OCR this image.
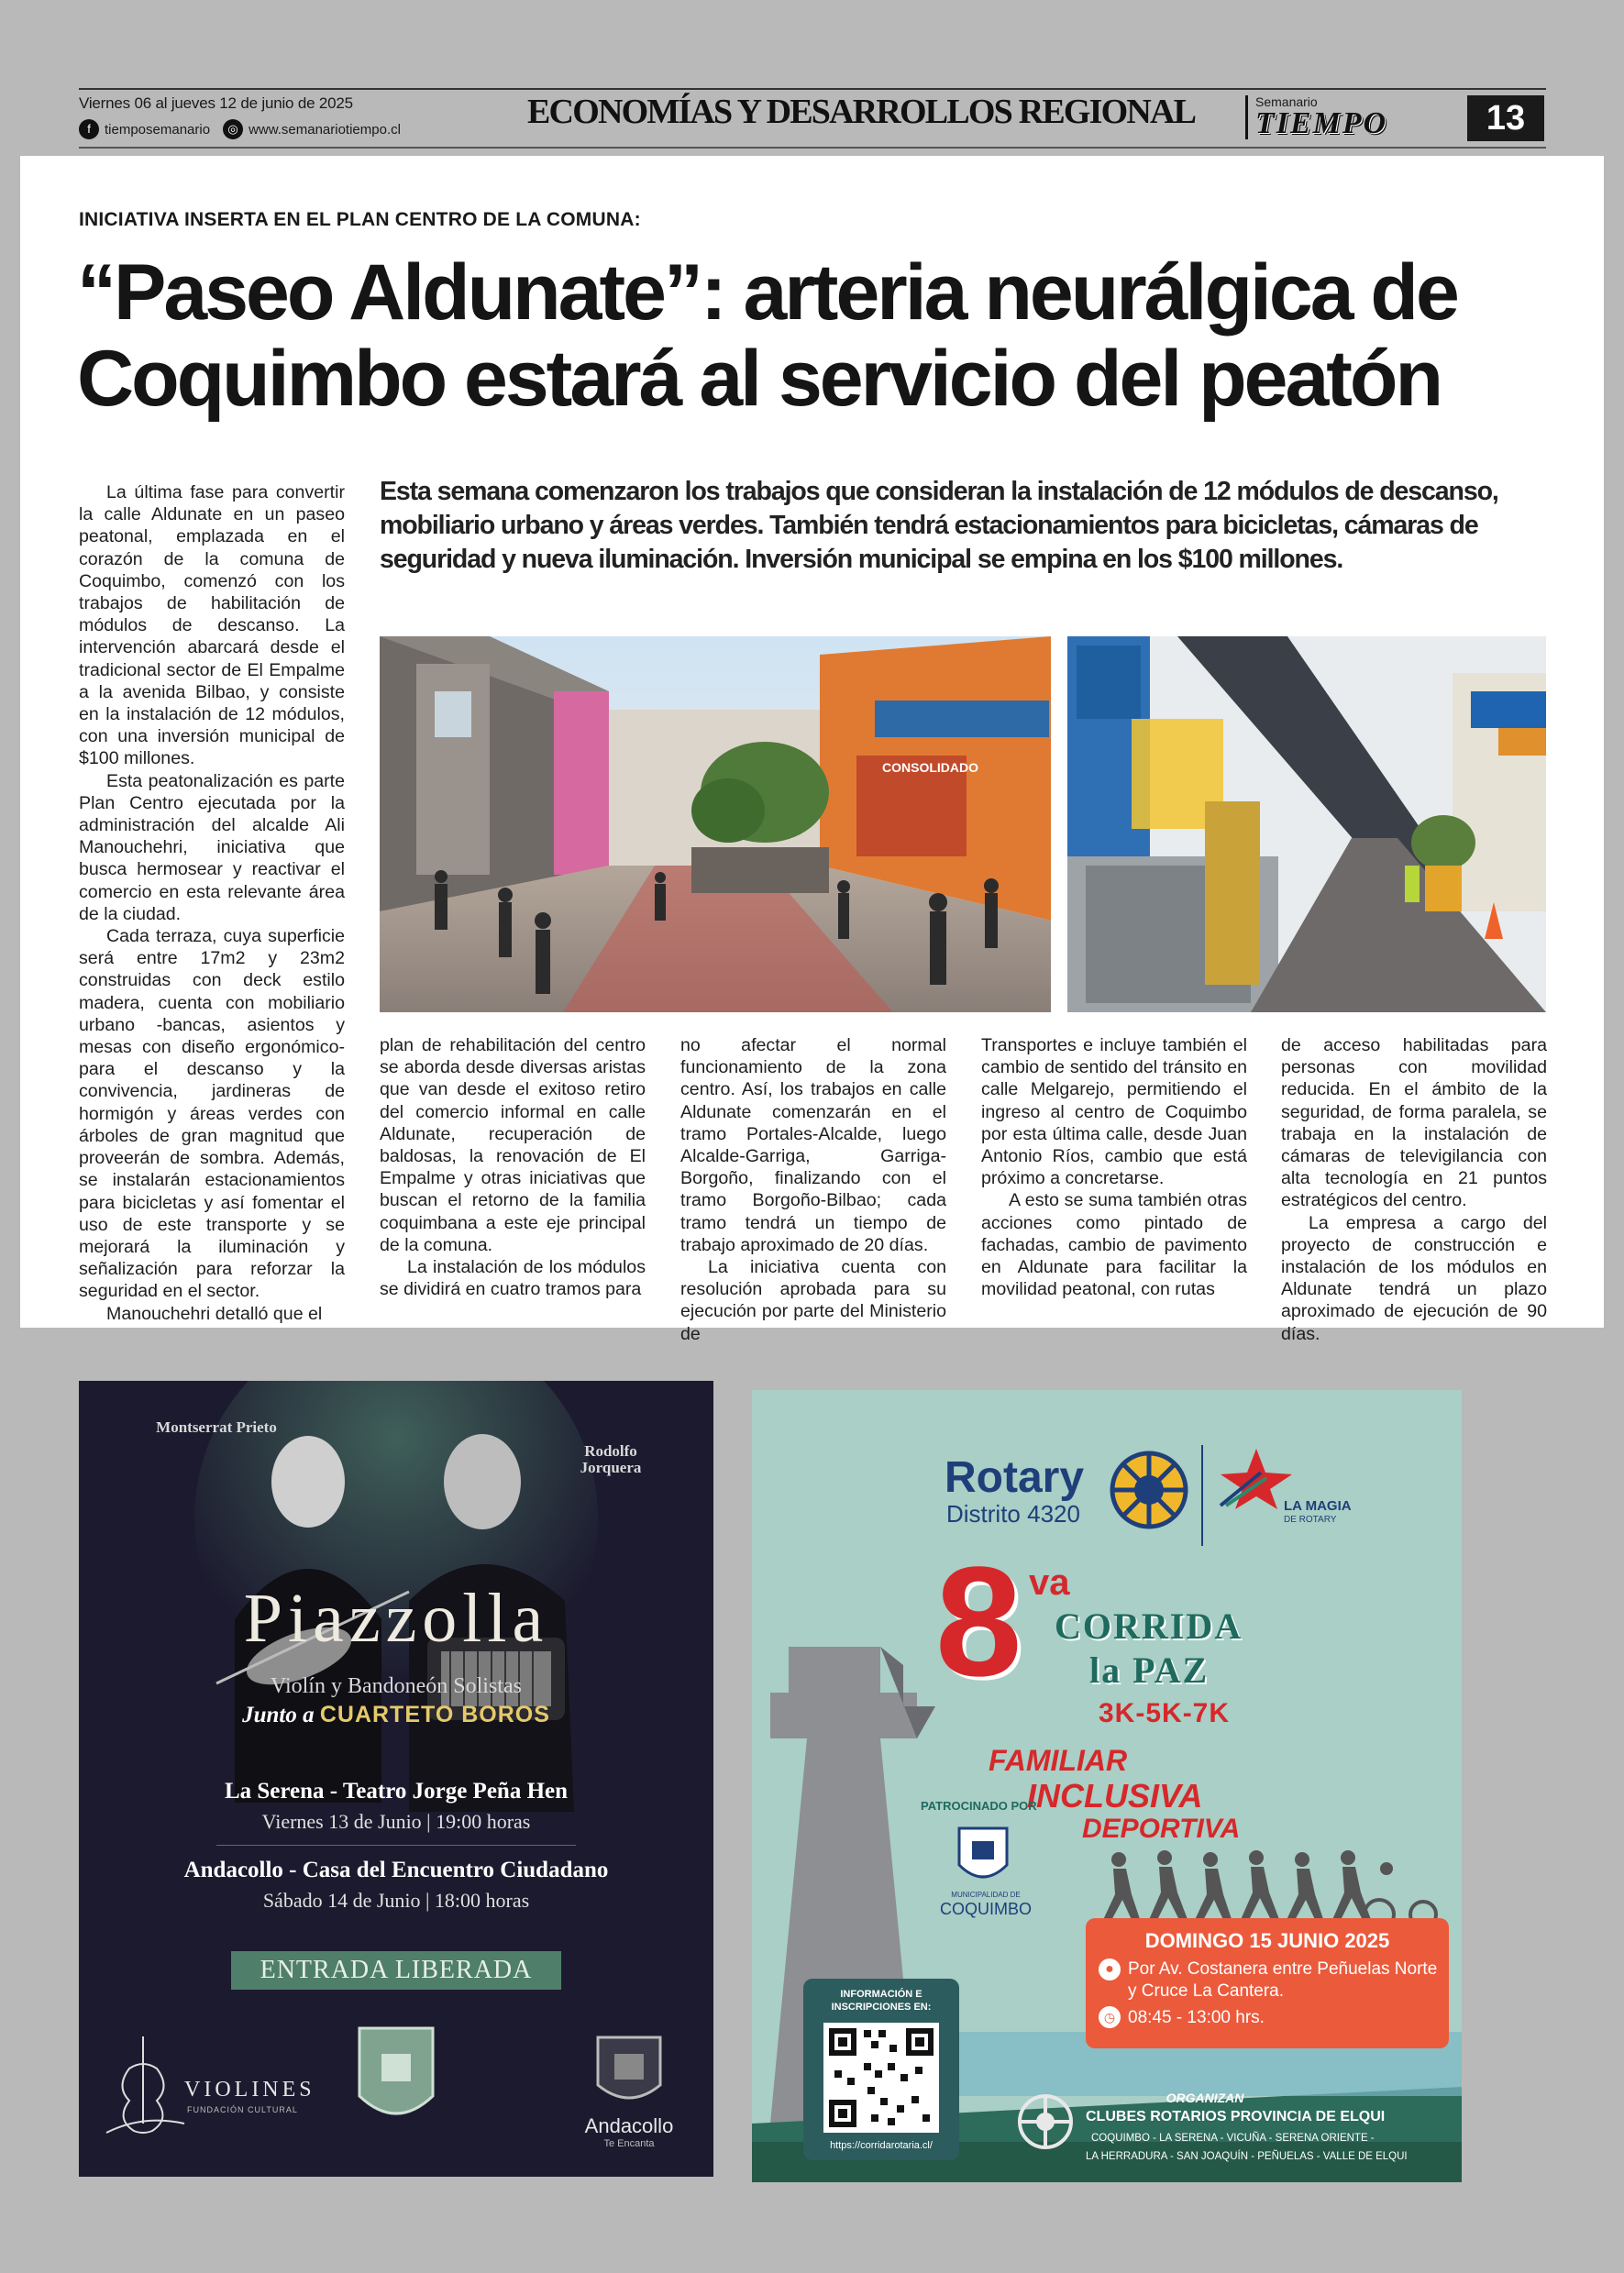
Viernes 06 al jueves 12 de junio de 2025
f	tiemposemanario	◎ www.semanariotiempo.cl	ECONOMÍAS Y DESARROLLOS REGIONAL	Semanario
TIEMPO	13
INICIATIVA INSERTA EN EL PLAN CENTRO DE LA COMUNA:
“Paseo Aldunate”: arteria neurálgica de
Coquimbo estará al servicio del peatón
Esta semana comenzaron los trabajos que consideran la instalación de 12 módulos de descanso, mobiliario urbano y áreas verdes. También tendrá estacionamientos para bicicletas, cámaras de seguridad y nueva iluminación. Inversión municipal se empina en los $100 millones.

La última fase para convertir la calle Aldunate en un paseo peatonal, emplazada en el corazón de la comuna de Coquimbo, comenzó con los trabajos de habilitación de módulos de descanso. La intervención abarcará desde el tradicional sector de El Empalme a la avenida Bilbao, y consiste en la instalación de 12 módulos, con una inversión municipal de $100 millones.

Esta peatonalización es parte Plan Centro ejecutada por la administración del alcalde Ali Manouchehri, iniciativa que busca hermosear y reactivar el comercio en esta relevante área de la ciudad.

Cada terraza, cuya superficie será entre 17m2 y 23m2 construidas con deck estilo madera, cuenta con mobiliario urbano -bancas, asientos y mesas con diseño ergonómico- para el descanso y la convivencia, jardineras de hormigón y áreas verdes con árboles de gran magnitud que proveerán de sombra. Además, se instalarán estacionamientos para bicicletas y así fomentar el uso de este transporte y se mejorará la iluminación y señalización para reforzar la seguridad en el sector.

Manouchehri detalló que el

CONSOLIDADO

plan de rehabilitación del centro se aborda desde diversas aristas que van desde el exitoso retiro del comercio informal en calle Aldunate, recuperación de baldosas, la renovación de El Empalme y otras iniciativas que buscan el retorno de la familia coquimbana a este eje principal de la comuna.

La instalación de los módulos se dividirá en cuatro tramos para

no afectar el normal funcionamiento de la zona centro. Así, los trabajos en calle Aldunate comenzarán en el tramo Portales-Alcalde, luego Alcalde-Garriga, Garriga-Borgoño, finalizando con el tramo Borgoño-Bilbao; cada tramo tendrá un tiempo de trabajo aproximado de 20 días.

La iniciativa cuenta con resolución aprobada para su ejecución por parte del Ministerio de

Transportes e incluye también el cambio de sentido del tránsito en calle Melgarejo, permitiendo el ingreso al centro de Coquimbo por esta última calle, desde Juan Antonio Ríos, cambio que está próximo a concretarse.

A esto se suma también otras acciones como pintado de fachadas, cambio de pavimento en Aldunate para facilitar la movilidad peatonal, con rutas

de acceso habilitadas para personas con movilidad reducida. En el ámbito de la seguridad, de forma paralela, se trabaja en la instalación de cámaras de televigilancia con alta tecnología en 21 puntos estratégicos del centro.

La empresa a cargo del proyecto de construcción e instalación de los módulos en Aldunate tendrá un plazo aproximado de ejecución de 90 días.

Montserrat Prieto
Rodolfo Jorquera
Piazzolla
Violín y Bandoneón Solistas
Junto a CUARTETO BOROS
La Serena - Teatro Jorge Peña Hen
Viernes 13 de Junio | 19:00 horas
Andacollo - Casa del Encuentro Ciudadano
Sábado 14 de Junio | 18:00 horas
ENTRADA LIBERADA
VIOLINES
FUNDACIÓN CULTURAL
Andacollo
Te Encanta
Rotary
Distrito 4320	LA MAGIA
DE ROTARY
8 va
CORRIDA
la PAZ
3K-5K-7K
FAMILIAR
INCLUSIVA
DEPORTIVA
PATROCINADO POR
MUNICIPALIDAD DE
COQUIMBO
DOMINGO 15 JUNIO 2025
● Por Av. Costanera entre Peñuelas Norte y Cruce La Cantera.
◷ 08:45 - 13:00 hrs.
INFORMACIÓN E INSCRIPCIONES EN:
https://corridarotaria.cl/
ORGANIZAN
CLUBES ROTARIOS PROVINCIA DE ELQUI
COQUIMBO - LA SERENA - VICUÑA - SERENA ORIENTE -
LA HERRADURA - SAN JOAQUÍN - PEÑUELAS - VALLE DE ELQUI
